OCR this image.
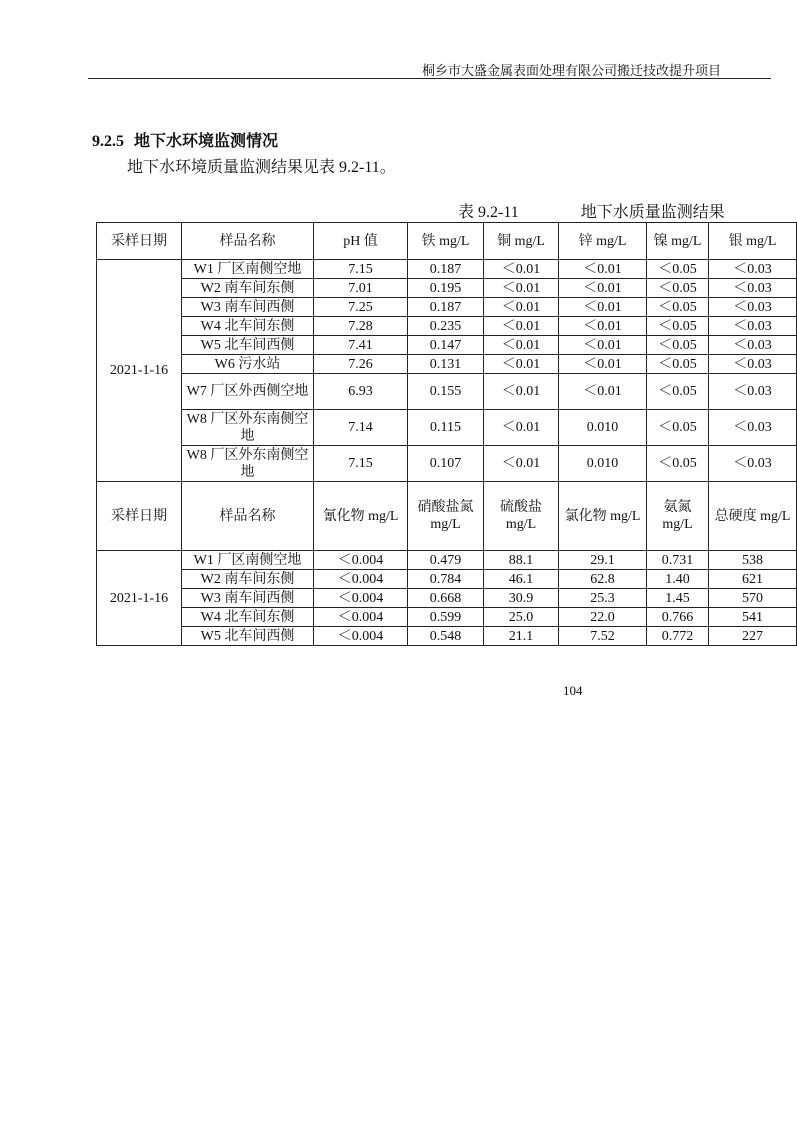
桐乡市大盛金属表面处理有限公司搬迁技改提升项目
9.2.5 地下水环境监测情况
地下水环境质量监测结果见表 9.2-11。
表 9.2-11	地下水质量监测结果
采样日期	样品名称	pH 值	铁 mg/L	铜 mg/L	锌 mg/L	镍 mg/L	银 mg/L
2021-1-16	W1 厂区南侧空地	7.15	0.187	＜0.01	＜0.01	＜0.05	＜0.03
	W2 南车间东侧	7.01	0.195	＜0.01	＜0.01	＜0.05	＜0.03
	W3 南车间西侧	7.25	0.187	＜0.01	＜0.01	＜0.05	＜0.03
	W4 北车间东侧	7.28	0.235	＜0.01	＜0.01	＜0.05	＜0.03
	W5 北车间西侧	7.41	0.147	＜0.01	＜0.01	＜0.05	＜0.03
	W6 污水站	7.26	0.131	＜0.01	＜0.01	＜0.05	＜0.03
	W7 厂区外西侧空地	6.93	0.155	＜0.01	＜0.01	＜0.05	＜0.03
	W8 厂区外东南侧空地	7.14	0.115	＜0.01	0.010	＜0.05	＜0.03
	W8 厂区外东南侧空地	7.15	0.107	＜0.01	0.010	＜0.05	＜0.03
采样日期	样品名称	氰化物 mg/L	硝酸盐氮 mg/L	硫酸盐 mg/L	氯化物 mg/L	氨氮 mg/L	总硬度 mg/L
2021-1-16	W1 厂区南侧空地	＜0.004	0.479	88.1	29.1	0.731	538
	W2 南车间东侧	＜0.004	0.784	46.1	62.8	1.40	621
	W3 南车间西侧	＜0.004	0.668	30.9	25.3	1.45	570
	W4 北车间东侧	＜0.004	0.599	25.0	22.0	0.766	541
	W5 北车间西侧	＜0.004	0.548	21.1	7.52	0.772	227
104
